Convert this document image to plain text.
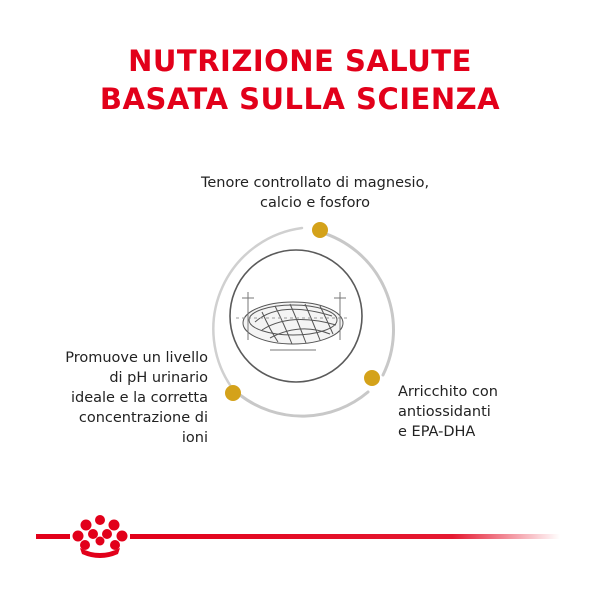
NUTRIZIONE SALUTE
BASATA SULLA SCIENZA
Tenore controllato di magnesio,
calcio e fosforo
Promuove un livello
di pH urinario
ideale e la corretta
concentrazione di
ioni
Arricchito con
antiossidanti
e EPA-DHA
